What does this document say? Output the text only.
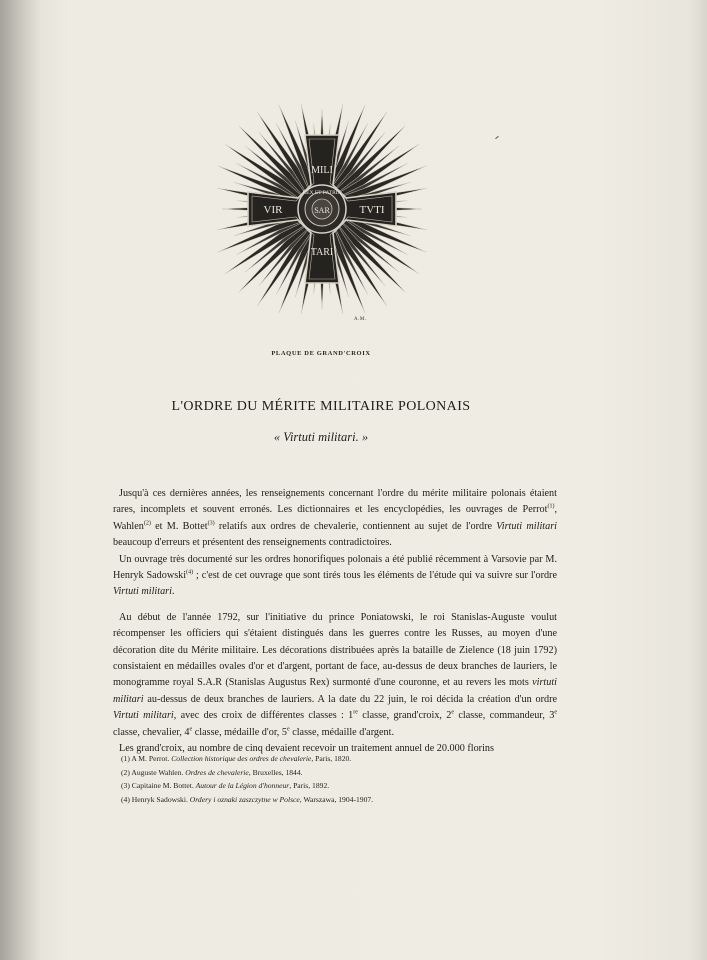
MILI
VIR	TVTI
TARI
REX ET PATRIA
SAR
A.M.
PLAQUE DE GRAND'CROIX
L'ORDRE DU MÉRITE MILITAIRE POLONAIS
« Virtuti militari. »

Jusqu'à ces dernières années, les renseignements concernant l'ordre du mérite militaire polonais étaient rares, incomplets et souvent erronés. Les dictionnaires et les encyclopédies, les ouvrages de Perrot$^{(1)}$, Wahlen$^{(2)}$ et M. Bottet$^{(3)}$ relatifs aux ordres de chevalerie, contiennent au sujet de l'ordre Virtuti militari beaucoup d'erreurs et présentent des renseignements contradictoires.

Un ouvrage très documenté sur les ordres honorifiques polonais a été publié récemment à Varsovie par M. Henryk Sadowski$^{(4)}$ ; c'est de cet ouvrage que sont tirés tous les éléments de l'étude qui va suivre sur l'ordre Virtuti militari.

Au début de l'année 1792, sur l'initiative du prince Poniatowski, le roi Stanislas-Auguste voulut récompenser les officiers qui s'étaient distingués dans les guerres contre les Russes, au moyen d'une décoration dite du Mérite militaire. Les décorations distribuées après la bataille de Zielence (18 juin 1792) consistaient en médailles ovales d'or et d'argent, portant de face, au-dessus de deux branches de lauriers, le monogramme royal S.A.R (Stanislas Augustus Rex) surmonté d'une couronne, et au revers les mots virtuti militari au-dessus de deux branches de lauriers. A la date du 22 juin, le roi décida la création d'un ordre Virtuti militari, avec des croix de différentes classes : 1re classe, grand'croix, 2e classe, commandeur, 3e classe, chevalier, 4e classe, médaille d'or, 5e classe, médaille d'argent.

Les grand'croix, au nombre de cinq devaient recevoir un traitement annuel de 20.000 florins

(1) A M. Perrot. Collection historique des ordres de chevalerie, Paris, 1820.
(2) Auguste Wahlen. Ordres de chevalerie, Bruxelles, 1844.
(3) Capitaine M. Bottet. Autour de la Légion d'honneur, Paris, 1892.
(4) Henryk Sadowski. Ordery i oznaki zaszczytne w Polsce, Warszawa, 1904-1907.
